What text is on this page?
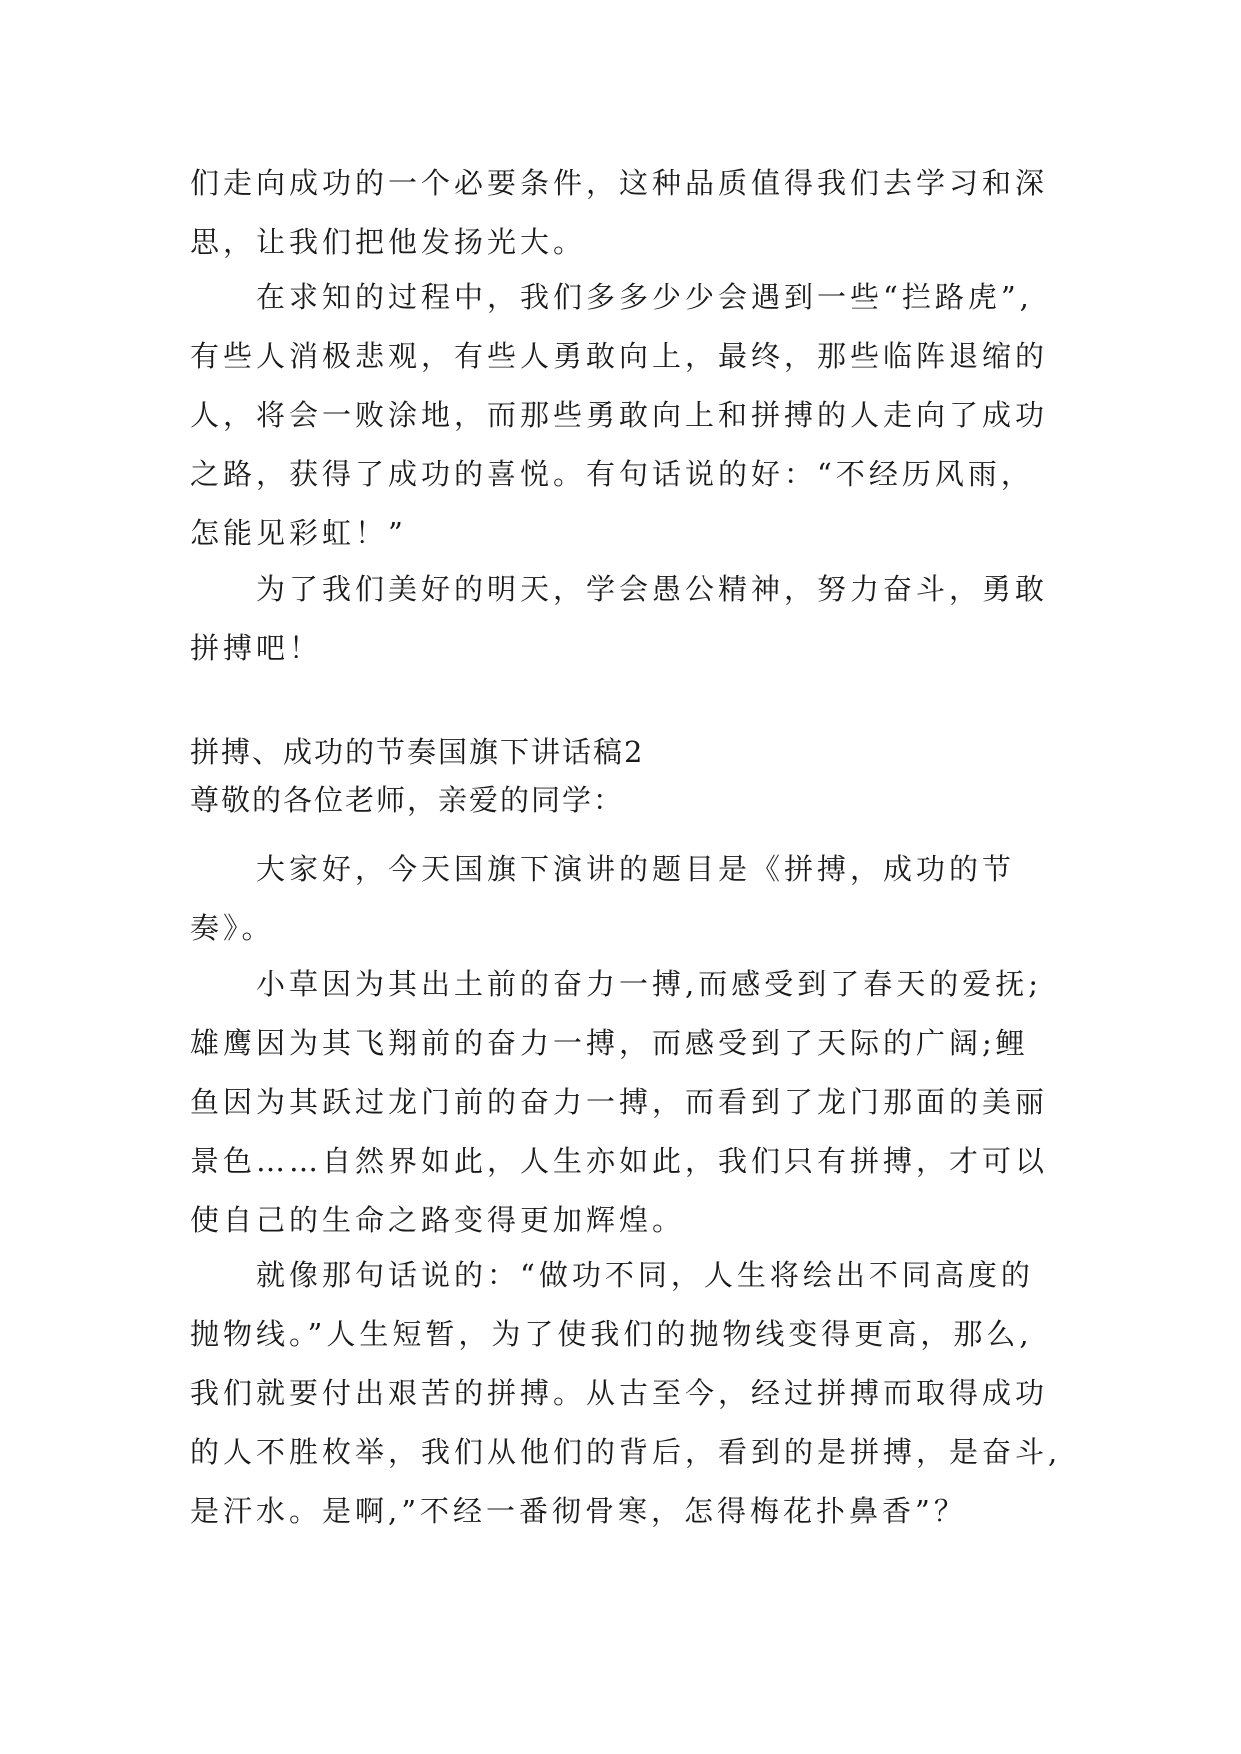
们走向成功的一个必要条件，这种品质值得我们去学习和深
思，让我们把他发扬光大。
在求知的过程中，我们多多少少会遇到一些“拦路虎”,
有些人消极悲观，有些人勇敢向上，最终，那些临阵退缩的
人，将会一败涂地，而那些勇敢向上和拼搏的人走向了成功
之路，获得了成功的喜悦。有句话说的好：“不经历风雨，
怎能见彩虹！”
为了我们美好的明天，学会愚公精神，努力奋斗，勇敢
拼搏吧！
拼搏、成功的节奏国旗下讲话稿2
尊敬的各位老师，亲爱的同学：
大家好，今天国旗下演讲的题目是《拼搏，成功的节
奏》。
小草因为其出土前的奋力一搏,而感受到了春天的爱抚;
雄鹰因为其飞翔前的奋力一搏，而感受到了天际的广阔;鲤
鱼因为其跃过龙门前的奋力一搏，而看到了龙门那面的美丽
景色……自然界如此，人生亦如此，我们只有拼搏，才可以
使自己的生命之路变得更加辉煌。
就像那句话说的：“做功不同，人生将绘出不同高度的
抛物线。”人生短暂，为了使我们的抛物线变得更高，那么,
我们就要付出艰苦的拼搏。从古至今，经过拼搏而取得成功
的人不胜枚举，我们从他们的背后，看到的是拼搏，是奋斗,
是汗水。是啊,”不经一番彻骨寒，怎得梅花扑鼻香”？
